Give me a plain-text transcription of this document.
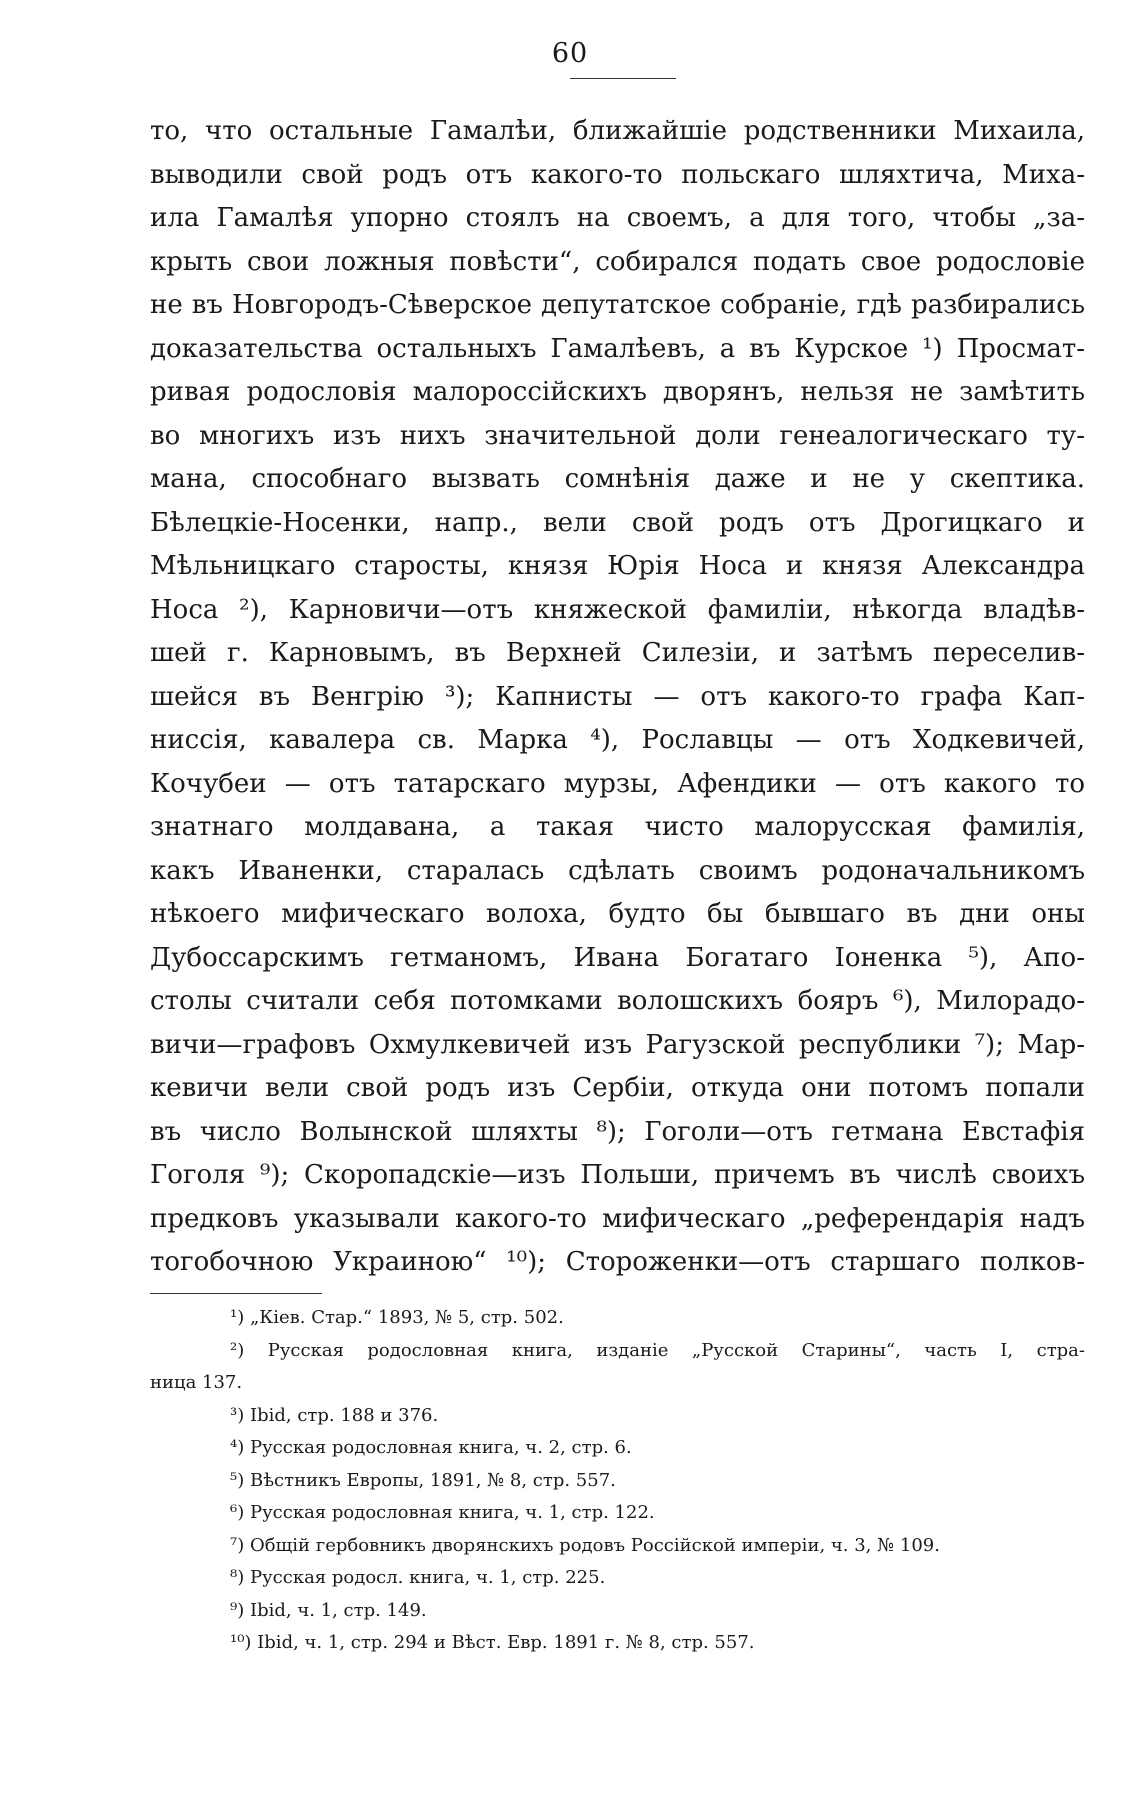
60
то, что остальные Гамалѣи, ближайшіе родственники Михаила,
выводили свой родъ отъ какого-то польскаго шляхтича, Миха-
ила Гамалѣя упорно стоялъ на своемъ, а для того, чтобы „за-
крыть свои ложныя повѣсти“, собирался подать свое родословіе
не въ Новгородъ-Сѣверское депутатское собраніе, гдѣ разбирались
доказательства остальныхъ Гамалѣевъ, а въ Курское ¹) Просмат-
ривая родословія малороссійскихъ дворянъ, нельзя не замѣтить
во многихъ изъ нихъ значительной доли генеалогическаго ту-
мана, способнаго вызвать сомнѣнія даже и не у скептика.
Бѣлецкіе-Носенки, напр., вели свой родъ отъ Дрогицкаго и
Мѣльницкаго старосты, князя Юрія Носа и князя Александра
Носа ²), Карновичи—отъ княжеской фамиліи, нѣкогда владѣв-
шей г. Карновымъ, въ Верхней Силезіи, и затѣмъ переселив-
шейся въ Венгрію ³); Капнисты — отъ какого-то графа Кап-
ниссія, кавалера св. Марка ⁴), Рославцы — отъ Ходкевичей,
Кочубеи — отъ татарскаго мурзы, Афендики — отъ какого то
знатнаго молдавана, а такая чисто малорусская фамилія,
какъ Иваненки, старалась сдѣлать своимъ родоначальникомъ
нѣкоего мифическаго волоха, будто бы бывшаго въ дни оны
Дубоссарскимъ гетманомъ, Ивана Богатаго Іоненка ⁵), Апо-
столы считали себя потомками волошскихъ бояръ ⁶), Милорадо-
вичи—графовъ Охмулкевичей изъ Рагузской республики ⁷); Мар-
кевичи вели свой родъ изъ Сербіи, откуда они потомъ попали
въ число Волынской шляхты ⁸); Гоголи—отъ гетмана Евстафія
Гоголя ⁹); Скоропадскіе—изъ Польши, причемъ въ числѣ своихъ
предковъ указывали какого-то мифическаго „референдарія надъ
тогобочною Украиною“ ¹⁰); Стороженки—отъ старшаго полков-
¹) „Кіев. Стар.“ 1893, № 5, стр. 502.
²) Русская родословная книга, изданіе „Русской Старины“, часть I, стра-
ница 137.
³) Ibid, стр. 188 и 376.
⁴) Русская родословная книга, ч. 2, стр. 6.
⁵) Вѣстникъ Европы, 1891, № 8, стр. 557.
⁶) Русская родословная книга, ч. 1, стр. 122.
⁷) Общій гербовникъ дворянскихъ родовъ Россійской имперіи, ч. 3, № 109.
⁸) Русская родосл. книга, ч. 1, стр. 225.
⁹) Ibid, ч. 1, стр. 149.
¹⁰) Ibid, ч. 1, стр. 294 и Вѣст. Евр. 1891 г. № 8, стр. 557.
